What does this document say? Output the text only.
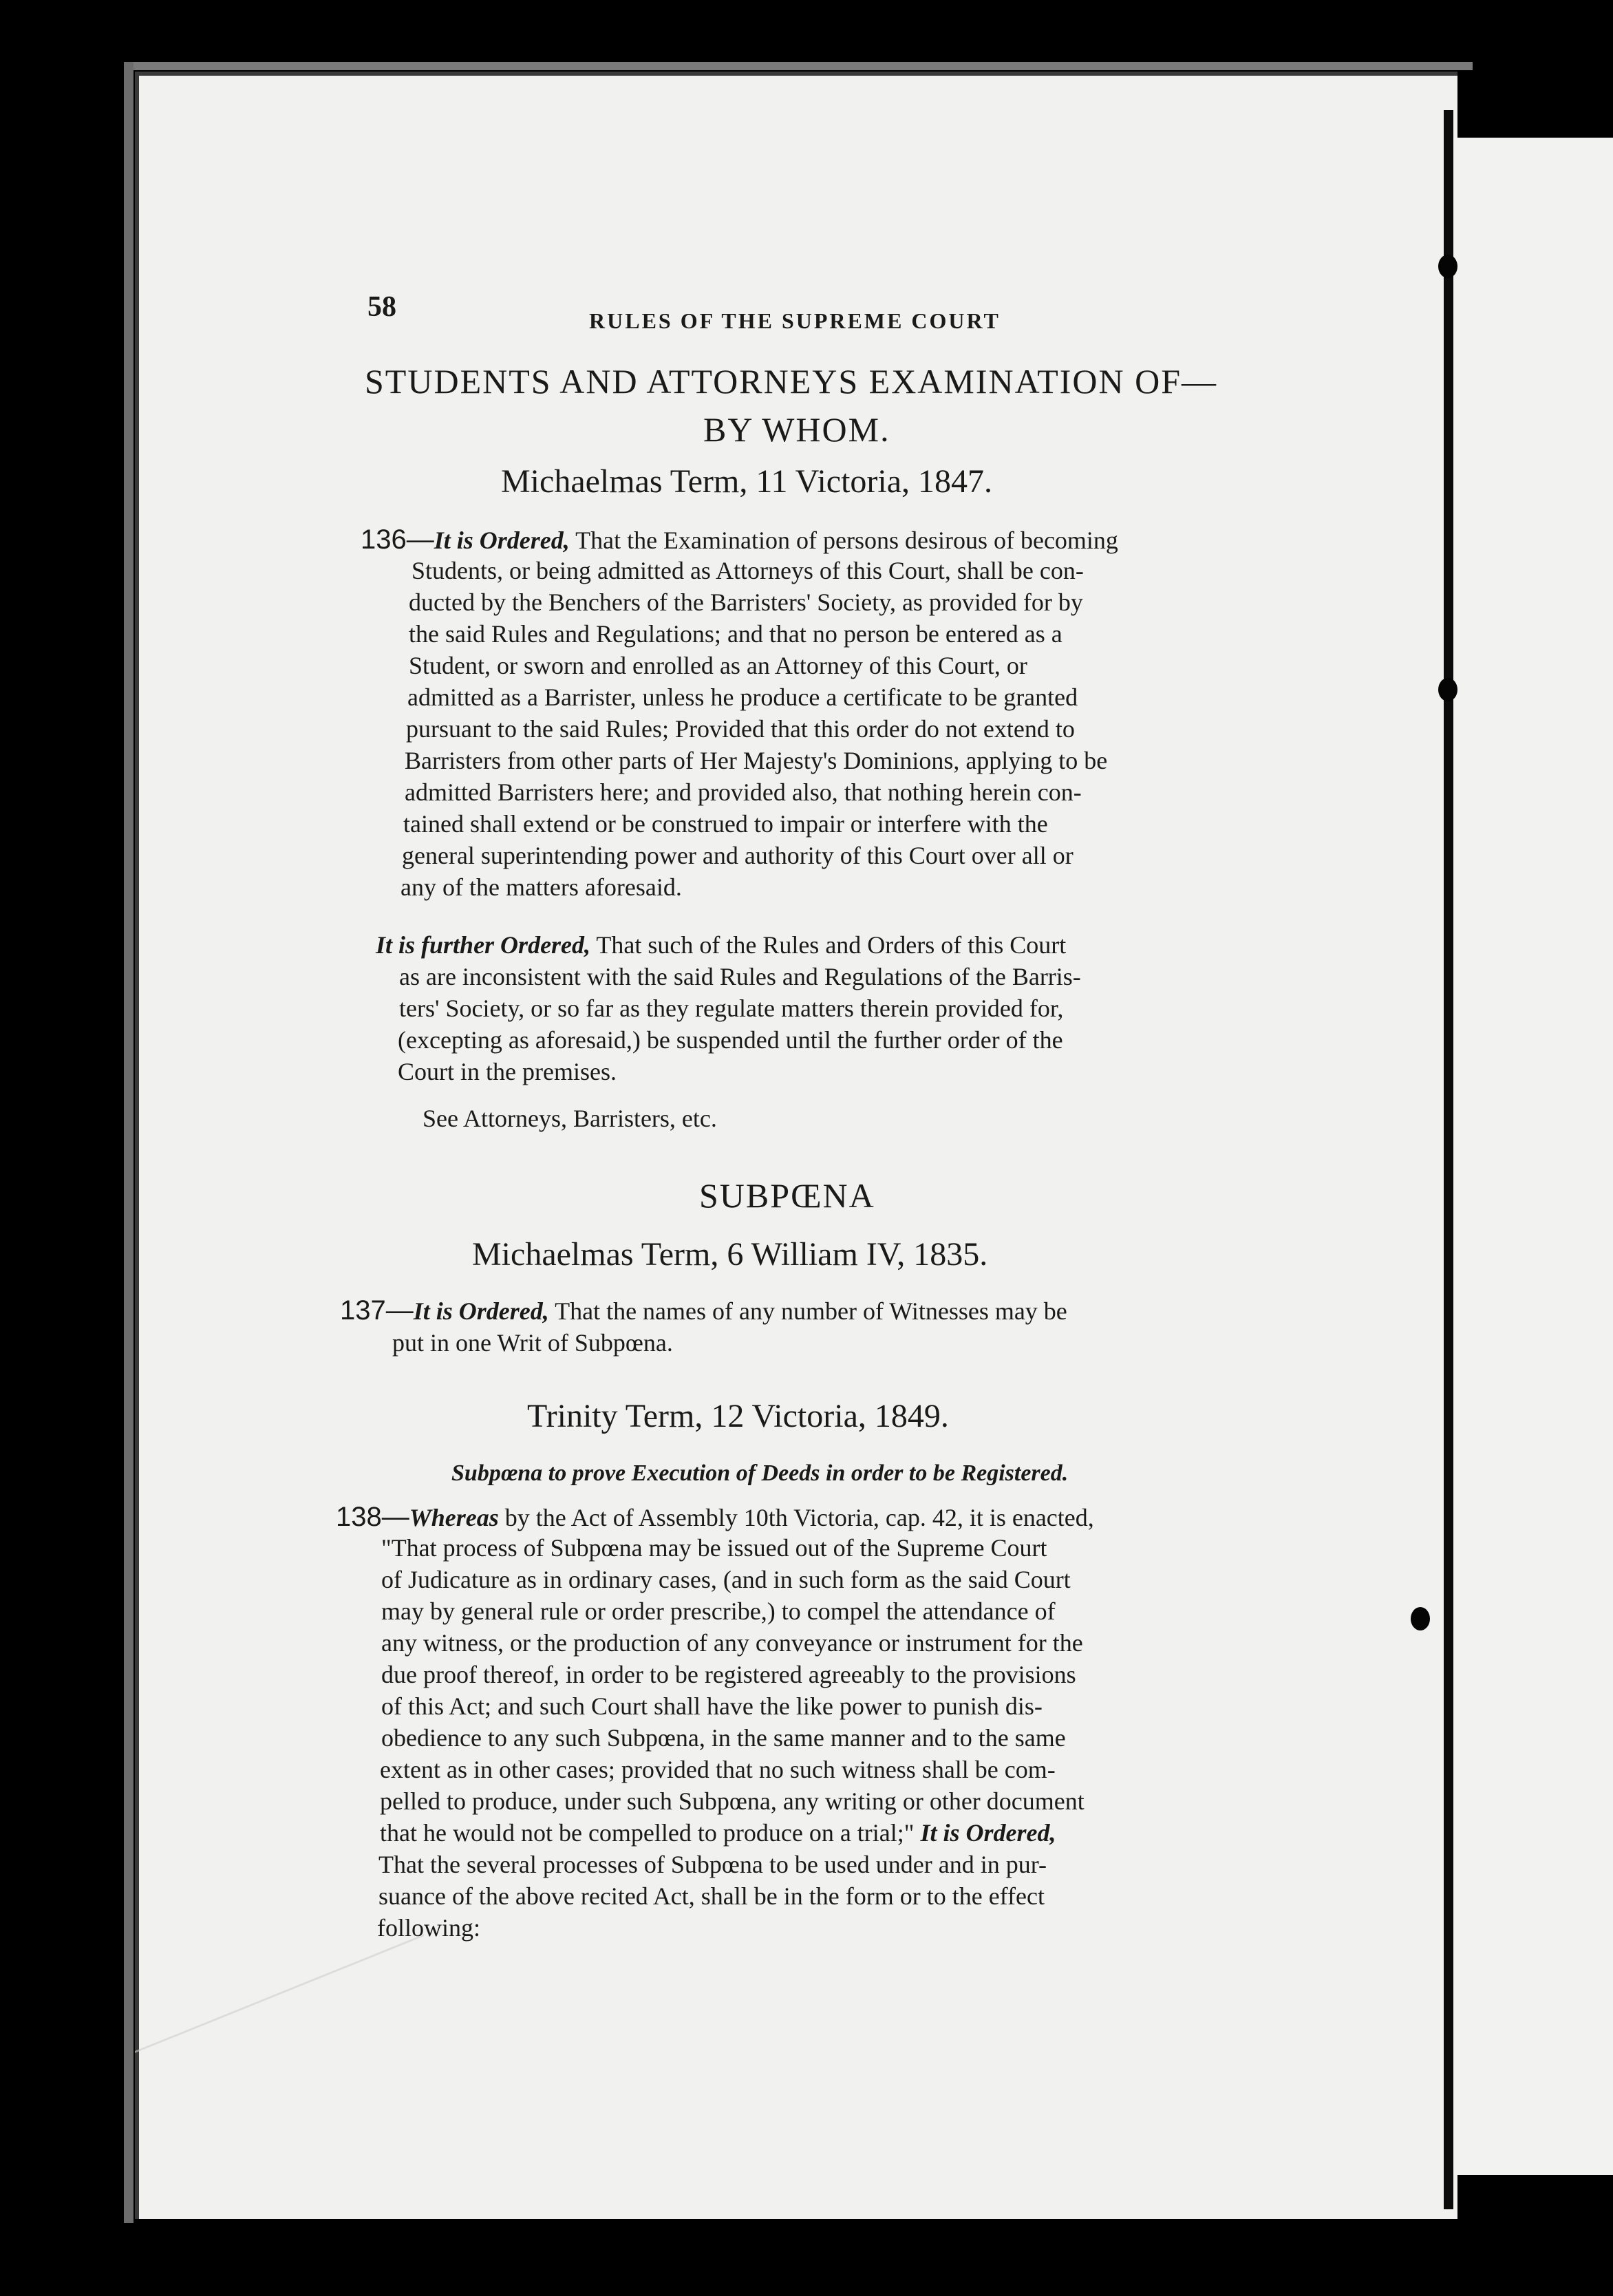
58	RULES OF THE SUPREME COURT
STUDENTS AND ATTORNEYS EXAMINATION OF—
BY WHOM.
Michaelmas Term, 11 Victoria, 1847.
136—It is Ordered, That the Examination of persons desirous of becoming
Students, or being admitted as Attorneys of this Court, shall be con-
ducted by the Benchers of the Barristers' Society, as provided for by
the said Rules and Regulations; and that no person be entered as a
Student, or sworn and enrolled as an Attorney of this Court, or
admitted as a Barrister, unless he produce a certificate to be granted
pursuant to the said Rules; Provided that this order do not extend to
Barristers from other parts of Her Majesty's Dominions, applying to be
admitted Barristers here; and provided also, that nothing herein con-
tained shall extend or be construed to impair or interfere with the
general superintending power and authority of this Court over all or
any of the matters aforesaid.
It is further Ordered, That such of the Rules and Orders of this Court
as are inconsistent with the said Rules and Regulations of the Barris-
ters' Society, or so far as they regulate matters therein provided for,
(excepting as aforesaid,) be suspended until the further order of the
Court in the premises.
See Attorneys, Barristers, etc.
SUBPŒNA
Michaelmas Term, 6 William IV, 1835.
137—It is Ordered, That the names of any number of Witnesses may be
put in one Writ of Subpœna.
Trinity Term, 12 Victoria, 1849.
Subpœna to prove Execution of Deeds in order to be Registered.
138—Whereas by the Act of Assembly 10th Victoria, cap. 42, it is enacted,
"That process of Subpœna may be issued out of the Supreme Court
of Judicature as in ordinary cases, (and in such form as the said Court
may by general rule or order prescribe,) to compel the attendance of
any witness, or the production of any conveyance or instrument for the
due proof thereof, in order to be registered agreeably to the provisions
of this Act; and such Court shall have the like power to punish dis-
obedience to any such Subpœna, in the same manner and to the same
extent as in other cases; provided that no such witness shall be com-
pelled to produce, under such Subpœna, any writing or other document
that he would not be compelled to produce on a trial;" It is Ordered,
That the several processes of Subpœna to be used under and in pur-
suance of the above recited Act, shall be in the form or to the effect
following:
